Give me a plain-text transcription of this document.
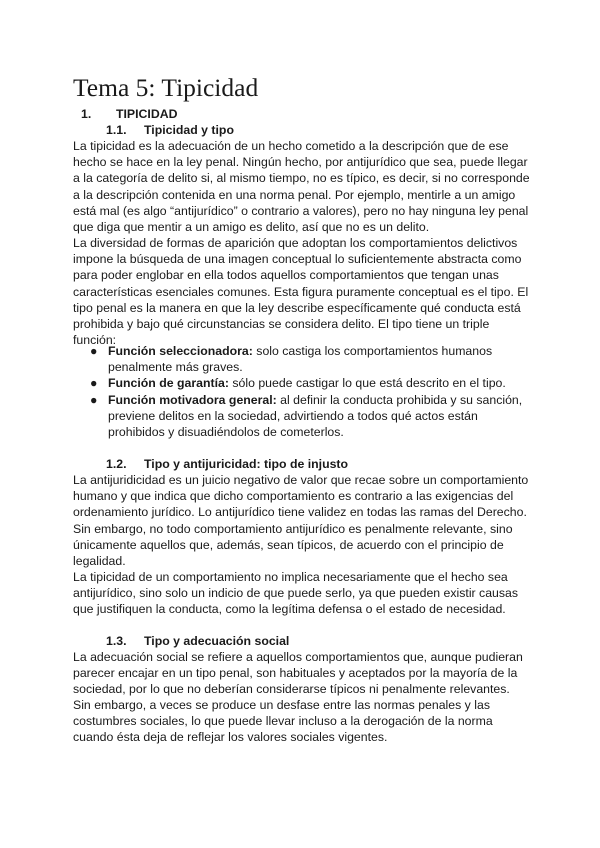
Tema 5: Tipicidad
1. TIPICIDAD
1.1. Tipicidad y tipo
La tipicidad es la adecuación de un hecho cometido a la descripción que de ese
hecho se hace en la ley penal. Ningún hecho, por antijurídico que sea, puede llegar
a la categoría de delito si, al mismo tiempo, no es típico, es decir, si no corresponde
a la descripción contenida en una norma penal. Por ejemplo, mentirle a un amigo
está mal (es algo “antijurídico” o contrario a valores), pero no hay ninguna ley penal
que diga que mentir a un amigo es delito, así que no es un delito.
La diversidad de formas de aparición que adoptan los comportamientos delictivos
impone la búsqueda de una imagen conceptual lo suficientemente abstracta como
para poder englobar en ella todos aquellos comportamientos que tengan unas
características esenciales comunes. Esta figura puramente conceptual es el tipo. El
tipo penal es la manera en que la ley describe específicamente qué conducta está
prohibida y bajo qué circunstancias se considera delito. El tipo tiene un triple
función:
● Función seleccionadora: solo castiga los comportamientos humanos
penalmente más graves.
● Función de garantía: sólo puede castigar lo que está descrito en el tipo.
● Función motivadora general: al definir la conducta prohibida y su sanción,
previene delitos en la sociedad, advirtiendo a todos qué actos están
prohibidos y disuadiéndolos de cometerlos.
1.2. Tipo y antijuricidad: tipo de injusto
La antijuridicidad es un juicio negativo de valor que recae sobre un comportamiento
humano y que indica que dicho comportamiento es contrario a las exigencias del
ordenamiento jurídico. Lo antijurídico tiene validez en todas las ramas del Derecho.
Sin embargo, no todo comportamiento antijurídico es penalmente relevante, sino
únicamente aquellos que, además, sean típicos, de acuerdo con el principio de
legalidad.
La tipicidad de un comportamiento no implica necesariamente que el hecho sea
antijurídico, sino solo un indicio de que puede serlo, ya que pueden existir causas
que justifiquen la conducta, como la legítima defensa o el estado de necesidad.
1.3. Tipo y adecuación social
La adecuación social se refiere a aquellos comportamientos que, aunque pudieran
parecer encajar en un tipo penal, son habituales y aceptados por la mayoría de la
sociedad, por lo que no deberían considerarse típicos ni penalmente relevantes.
Sin embargo, a veces se produce un desfase entre las normas penales y las
costumbres sociales, lo que puede llevar incluso a la derogación de la norma
cuando ésta deja de reflejar los valores sociales vigentes.
